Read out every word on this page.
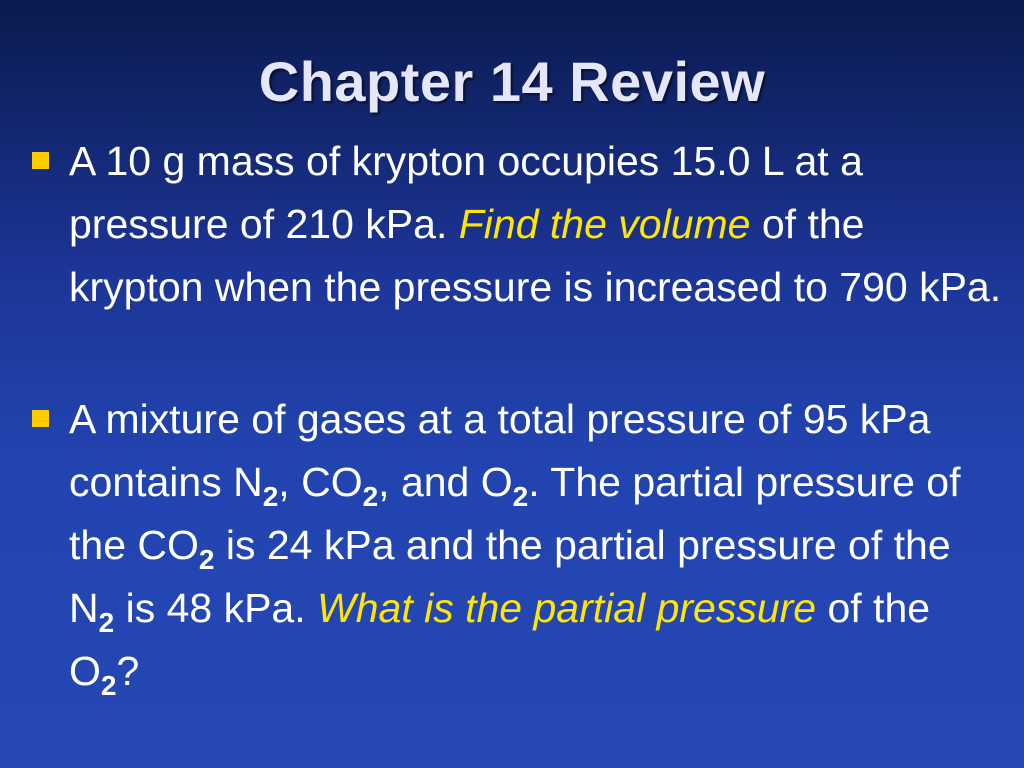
Chapter 14 Review
A 10 g mass of krypton occupies 15.0 L at a pressure of 210 kPa. Find the volume of the krypton when the pressure is increased to 790 kPa.
A mixture of gases at a total pressure of 95 kPa contains $N_2$, $CO_2$, and $O_2$. The partial pressure of the $CO_2$ is 24 kPa and the partial pressure of the $N_2$ is 48 kPa. What is the partial pressure of the $O_2$?
